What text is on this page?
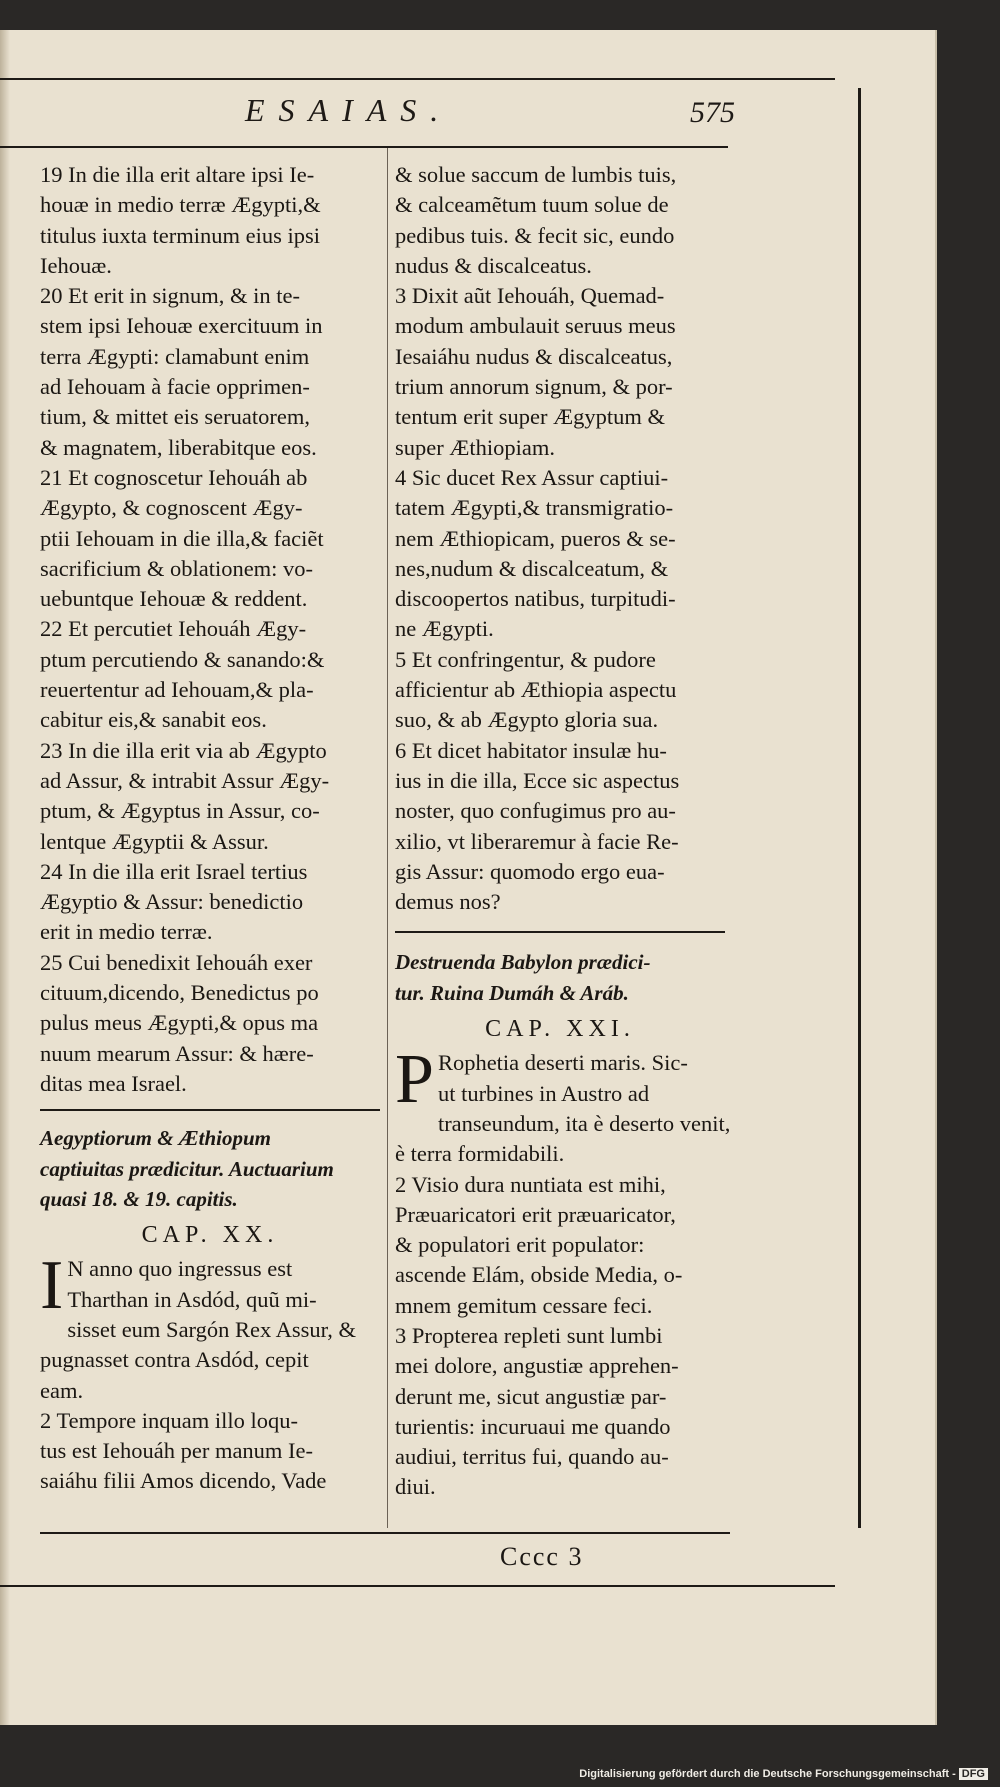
ESAIAS.	575

19 In die illa erit altare ipsi Ie-

houæ in medio terræ Ægypti,&

titulus iuxta terminum eius ipsi

Iehouæ.

20 Et erit in signum, & in te-

stem ipsi Iehouæ exercituum in

terra Ægypti: clamabunt enim

ad Iehouam à facie opprimen-

tium, & mittet eis seruatorem,

& magnatem, liberabitque eos.

21 Et cognoscetur Iehouáh ab

Ægypto, & cognoscent Ægy-

ptii Iehouam in die illa,& faciẽt

sacrificium & oblationem: vo-

uebuntque Iehouæ & reddent.

22 Et percutiet Iehouáh Ægy-

ptum percutiendo & sanando:&

reuertentur ad Iehouam,& pla-

cabitur eis,& sanabit eos.

23 In die illa erit via ab Ægypto

ad Assur, & intrabit Assur Ægy-

ptum, & Ægyptus in Assur, co-

lentque Ægyptii & Assur.

24 In die illa erit Israel tertius

Ægyptio & Assur: benedictio

erit in medio terræ.

25 Cui benedixit Iehouáh exer

cituum,dicendo, Benedictus po

pulus meus Ægypti,& opus ma

nuum mearum Assur: & hære-

ditas mea Israel.

Aegyptiorum & Æthiopum

captiuitas prædicitur. Auctuarium

quasi 18. & 19. capitis.

CAP. XX.

I N anno quo ingressus est

Tharthan in Asdód, quũ mi-

sisset eum Sargón Rex Assur, &

pugnasset contra Asdód, cepit

eam.

2 Tempore inquam illo loqu-

tus est Iehouáh per manum Ie-

saiáhu filii Amos dicendo, Vade

& solue saccum de lumbis tuis,

& calceamẽtum tuum solue de

pedibus tuis. & fecit sic, eundo

nudus & discalceatus.

3 Dixit aũt Iehouáh, Quemad-

modum ambulauit seruus meus

Iesaiáhu nudus & discalceatus,

trium annorum signum, & por-

tentum erit super Ægyptum &

super Æthiopiam.

4 Sic ducet Rex Assur captiui-

tatem Ægypti,& transmigratio-

nem Æthiopicam, pueros & se-

nes,nudum & discalceatum, &

discoopertos natibus, turpitudi-

ne Ægypti.

5 Et confringentur, & pudore

afficientur ab Æthiopia aspectu

suo, & ab Ægypto gloria sua.

6 Et dicet habitator insulæ hu-

ius in die illa, Ecce sic aspectus

noster, quo confugimus pro au-

xilio, vt liberaremur à facie Re-

gis Assur: quomodo ergo eua-

demus nos?

Destruenda Babylon prædici-

tur. Ruina Dumáh & Aráb.

CAP. XXI.

P Rophetia deserti maris. Sic-

ut turbines in Austro ad

transeundum, ita è deserto venit,

è terra formidabili.

2 Visio dura nuntiata est mihi,

Præuaricatori erit præuaricator,

& populatori erit populator:

ascende Elám, obside Media, o-

mnem gemitum cessare feci.

3 Propterea repleti sunt lumbi

mei dolore, angustiæ apprehen-

derunt me, sicut angustiæ par-

turientis: incuruaui me quando

audiui, territus fui, quando au-

diui.

Cccc 3
Digitalisierung gefördert durch die Deutsche Forschungsgemeinschaft - DFG
